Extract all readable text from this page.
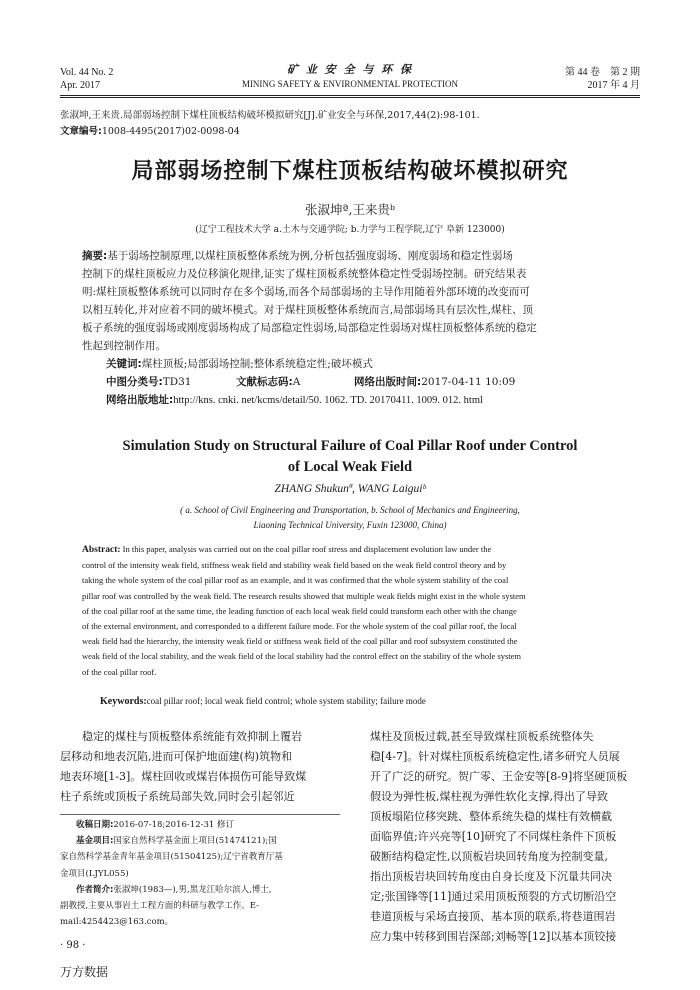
Vol. 44 No. 2
Apr. 2017
矿 业 安 全 与 环 保
MINING SAFETY & ENVIRONMENTAL PROTECTION
第 44 卷　第 2 期
2017 年 4 月
张淑坤,王来贵.局部弱场控制下煤柱顶板结构破坏模拟研究[J].矿业安全与环保,2017,44(2):98-101.
文章编号:1008-4495(2017)02-0098-04
局部弱场控制下煤柱顶板结构破坏模拟研究
张淑坤ª,王来贵ᵇ
(辽宁工程技术大学 a.土木与交通学院; b.力学与工程学院,辽宁 阜新 123000)
摘要:基于弱场控制原理,以煤柱顶板整体系统为例,分析包括强度弱场、刚度弱场和稳定性弱场
控制下的煤柱顶板应力及位移演化规律,证实了煤柱顶板系统整体稳定性受弱场控制。研究结果表
明:煤柱顶板整体系统可以同时存在多个弱场,而各个局部弱场的主导作用随着外部环境的改变而可
以相互转化,并对应着不同的破坏模式。对于煤柱顶板整体系统而言,局部弱场具有层次性,煤柱、顶
板子系统的强度弱场或刚度弱场构成了局部稳定性弱场,局部稳定性弱场对煤柱顶板整体系统的稳定
性起到控制作用。
关键词:煤柱顶板;局部弱场控制;整体系统稳定性;破坏模式
中图分类号:TD31	文献标志码:A	网络出版时间:2017-04-11 10:09
网络出版地址:http://kns. cnki. net/kcms/detail/50. 1062. TD. 20170411. 1009. 012. html
Simulation Study on Structural Failure of Coal Pillar Roof under Control
of Local Weak Field
ZHANG Shukunª, WANG Laiguiᵇ
( a. School of Civil Engineering and Transportation, b. School of Mechanics and Engineering,
Liaoning Technical University, Fuxin 123000, China)
Abstract: In this paper, analysis was carried out on the coal pillar roof stress and displacement evolution law under the
control of the intensity weak field, stiffness weak field and stability weak field based on the weak field control theory and by
taking the whole system of the coal pillar roof as an example, and it was confirmed that the whole system stability of the coal
pillar roof was controlled by the weak field. The research results showed that multiple weak fields might exist in the whole system
of the coal pillar roof at the same time, the leading function of each local weak field could transform each other with the change
of the external environment, and corresponded to a different failure mode. For the whole system of the coal pillar roof, the local
weak field had the hierarchy, the intensity weak field or stiffness weak field of the coal pillar and roof subsystem constituted the
weak field of the local stability, and the weak field of the local stability had the control effect on the stability of the whole system
of the coal pillar roof.
Keywords:coal pillar roof; local weak field control; whole system stability; failure mode
　　稳定的煤柱与顶板整体系统能有效抑制上覆岩
层移动和地表沉陷,进而可保护地面建(构)筑物和
地表环境[1-3]。煤柱回收或煤岩体损伤可能导致煤
柱子系统或顶板子系统局部失效,同时会引起邻近
收稿日期:2016-07-18;2016-12-31 修订
基金项目:国家自然科学基金面上项目(51474121);国
家自然科学基金青年基金项目(51504125);辽宁省教育厅基
金项目(LJYL055)
作者简介:张淑坤(1983—),男,黑龙江哈尔滨人,博士,
副教授,主要从事岩土工程方面的科研与教学工作。E-
mail:4254423@163.com。
煤柱及顶板过载,甚至导致煤柱顶板系统整体失
稳[4-7]。针对煤柱顶板系统稳定性,诸多研究人员展
开了广泛的研究。贺广零、王金安等[8-9]将坚硬顶板
假设为弹性板,煤柱视为弹性软化支撑,得出了导致
顶板塌陷位移突跳、整体系统失稳的煤柱有效横截
面临界值;许兴亮等[10]研究了不同煤柱条件下顶板
破断结构稳定性,以顶板岩块回转角度为控制变量,
指出顶板岩块回转角度由自身长度及下沉量共同决
定;张国锋等[11]通过采用顶板预裂的方式切断沿空
巷道顶板与采场直接顶、基本顶的联系,将巷道围岩
应力集中转移到围岩深部;刘畅等[12]以基本顶铰接
· 98 ·
万方数据
